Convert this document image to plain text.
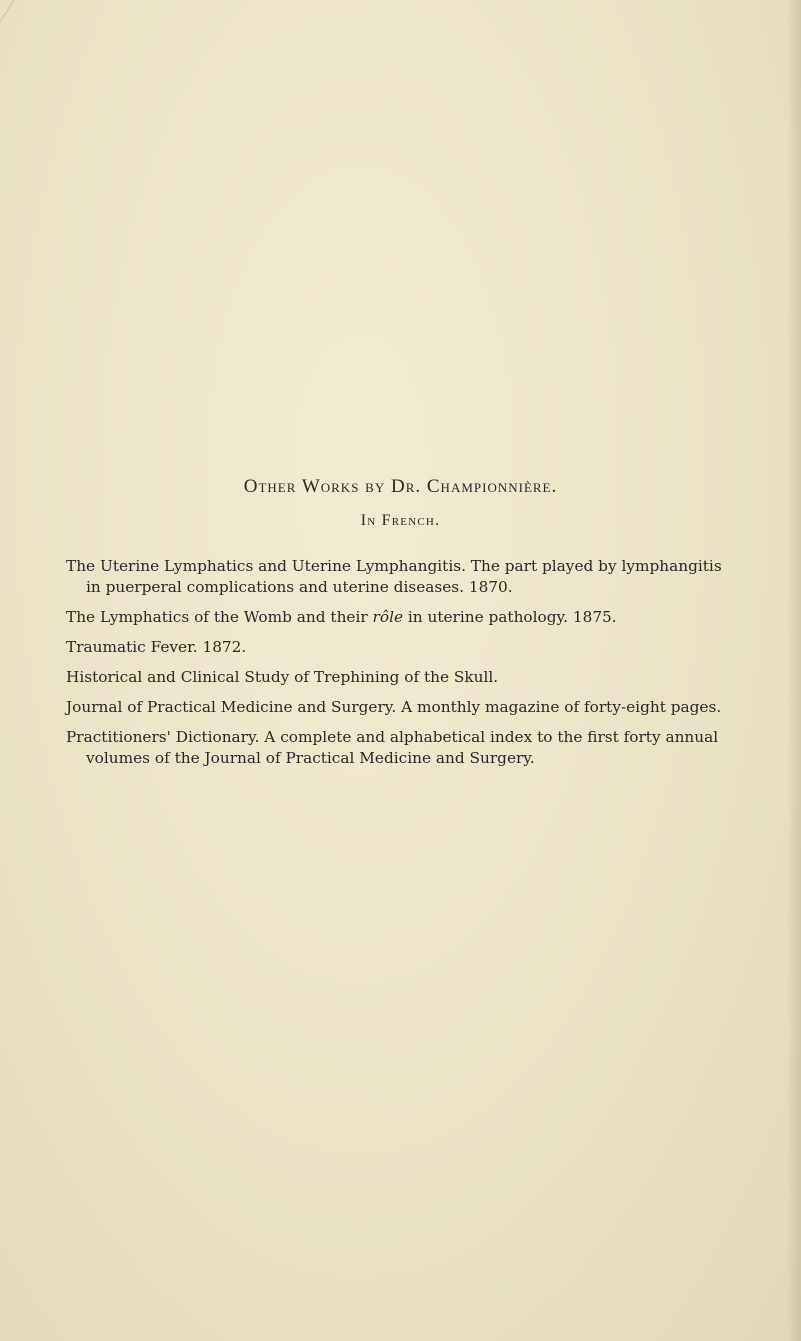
Other Works by Dr. Championnière.
In French.
The Uterine Lymphatics and Uterine Lymphangitis. The part played by lymphangitis in puerperal complications and uterine diseases. 1870.
The Lymphatics of the Womb and their rôle in uterine pathology. 1875.
Traumatic Fever. 1872.
Historical and Clinical Study of Trephining of the Skull.
Journal of Practical Medicine and Surgery. A monthly magazine of forty-eight pages.
Practitioners' Dictionary. A complete and alphabetical index to the first forty annual volumes of the Journal of Practical Medicine and Surgery.
